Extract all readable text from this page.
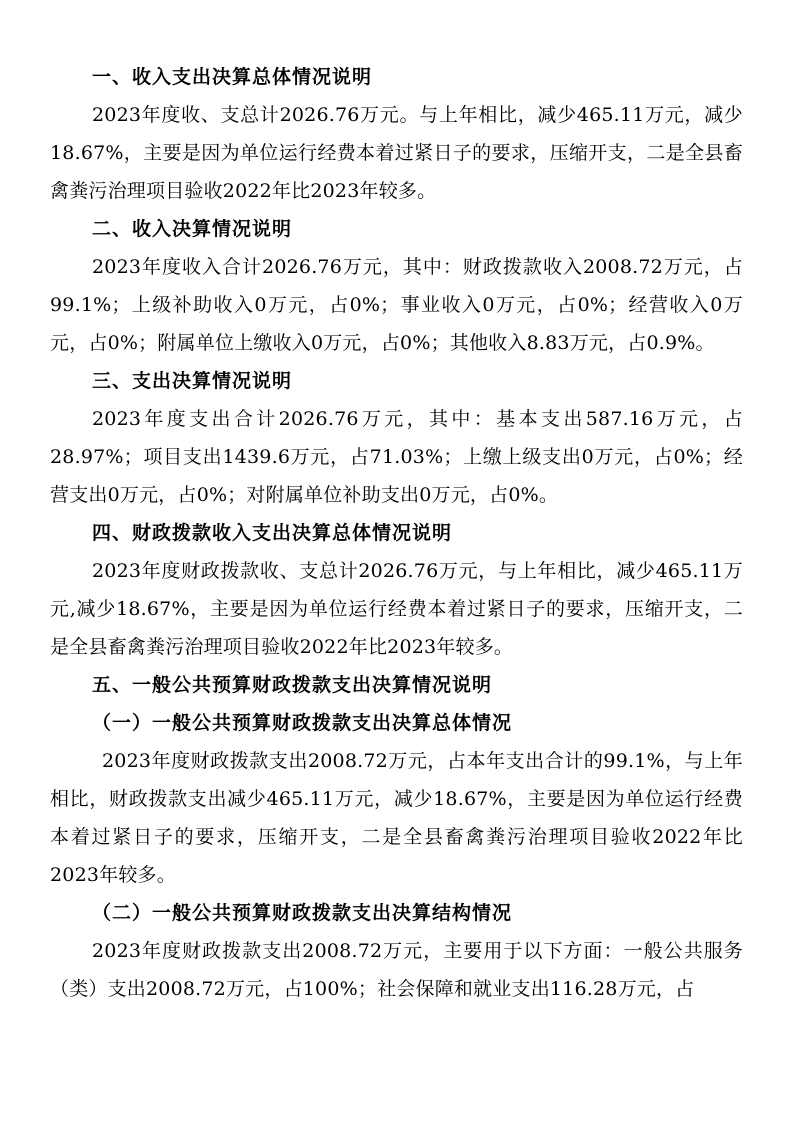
一、收入支出决算总体情况说明

2023年度收、支总计2026.76万元。与上年相比，减少465.11万元，减少18.67%，主要是因为单位运行经费本着过紧日子的要求，压缩开支，二是全县畜禽粪污治理项目验收2022年比2023年较多。

二、收入决算情况说明

2023年度收入合计2026.76万元，其中：财政拨款收入2008.72万元，占99.1%；上级补助收入0万元，占0%；事业收入0万元，占0%；经营收入0万元，占0%；附属单位上缴收入0万元，占0%；其他收入8.83万元，占0.9%。

三、支出决算情况说明

2023年度支出合计2026.76万元，其中：基本支出587.16万元，占28.97%；项目支出1439.6万元，占71.03%；上缴上级支出0万元，占0%；经营支出0万元，占0%；对附属单位补助支出0万元，占0%。

四、财政拨款收入支出决算总体情况说明

2023年度财政拨款收、支总计2026.76万元，与上年相比，减少465.11万元,减少18.67%，主要是因为单位运行经费本着过紧日子的要求，压缩开支，二是全县畜禽粪污治理项目验收2022年比2023年较多。

五、一般公共预算财政拨款支出决算情况说明
（一）一般公共预算财政拨款支出决算总体情况

2023年度财政拨款支出2008.72万元，占本年支出合计的99.1%，与上年相比，财政拨款支出减少465.11万元，减少18.67%，主要是因为单位运行经费本着过紧日子的要求，压缩开支，二是全县畜禽粪污治理项目验收2022年比2023年较多。

（二）一般公共预算财政拨款支出决算结构情况

2023年度财政拨款支出2008.72万元，主要用于以下方面：一般公共服务（类）支出2008.72万元，占100%；社会保障和就业支出116.28万元，占
